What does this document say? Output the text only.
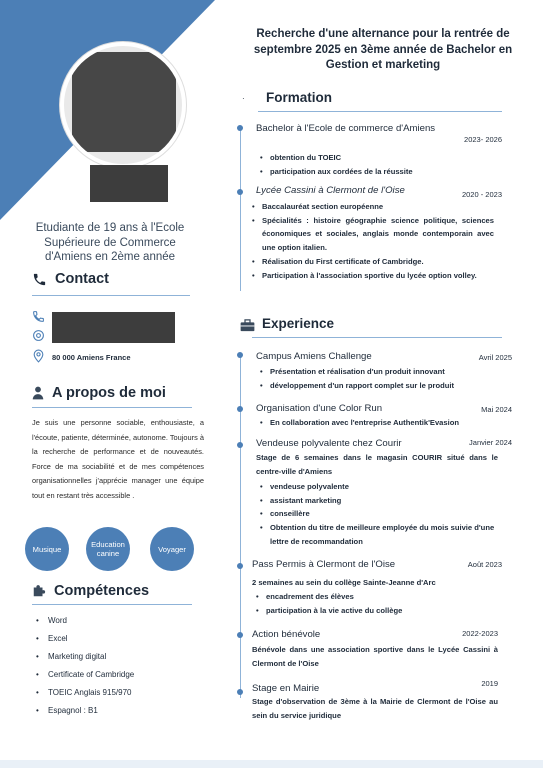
Etudiante de 19 ans à l'Ecole Supérieure de Commerce d'Amiens en 2ème année
Contact
80 000 Amiens France
A propos de moi
Je suis une personne sociable, enthousiaste, a l'écoute, patiente, déterminée, autonome. Toujours à la recherche de performance et de nouveautés. Force de ma sociabilité et de mes compétences organisationnelles j'apprécie manager une équipe tout en restant très accessible .
Musique	Education canine	Voyager
Compétences
• Word
• Excel
• Marketing digital
• Certificate of Cambridge
• TOEIC Anglais 915/970
• Espagnol : B1
Recherche d'une alternance pour la rentrée de septembre 2025 en 3ème année de Bachelor en Gestion et marketing
· Formation
Bachelor à l'Ecole de commerce d'Amiens
2023- 2026
• obtention du TOEIC
• participation aux cordées de la réussite
Lycée Cassini à Clermont de l'Oise	2020 - 2023
• Baccalauréat section européenne
• Spécialités : histoire géographie science politique, sciences économiques et sociales, anglais monde contemporain avec une option italien.
• Réalisation du First certificate of Cambridge.
• Participation à l'association sportive du lycée option volley.
Experience
Campus Amiens Challenge	Avril 2025
• Présentation et réalisation d'un produit innovant
• développement d'un rapport complet sur le produit
Organisation d'une Color Run	Mai 2024
• En collaboration avec l'entreprise Authentik'Evasion
Vendeuse polyvalente chez Courir	Janvier 2024
Stage de 6 semaines dans le magasin COURIR situé dans le centre-ville d'Amiens
• vendeuse polyvalente
• assistant marketing
• conseillère
• Obtention du titre de meilleure employée du mois suivie d'une lettre de recommandation
Pass Permis à Clermont de l'Oise	Août 2023
2 semaines au sein du collège Sainte-Jeanne d'Arc
• encadrement des élèves
• participation à la vie active du collège
Action bénévole	2022-2023
Bénévole dans une association sportive dans le Lycée Cassini à Clermont de l'Oise
2019
Stage en Mairie
Stage d'observation de 3ème à la Mairie de Clermont de l'Oise au sein du service juridique
